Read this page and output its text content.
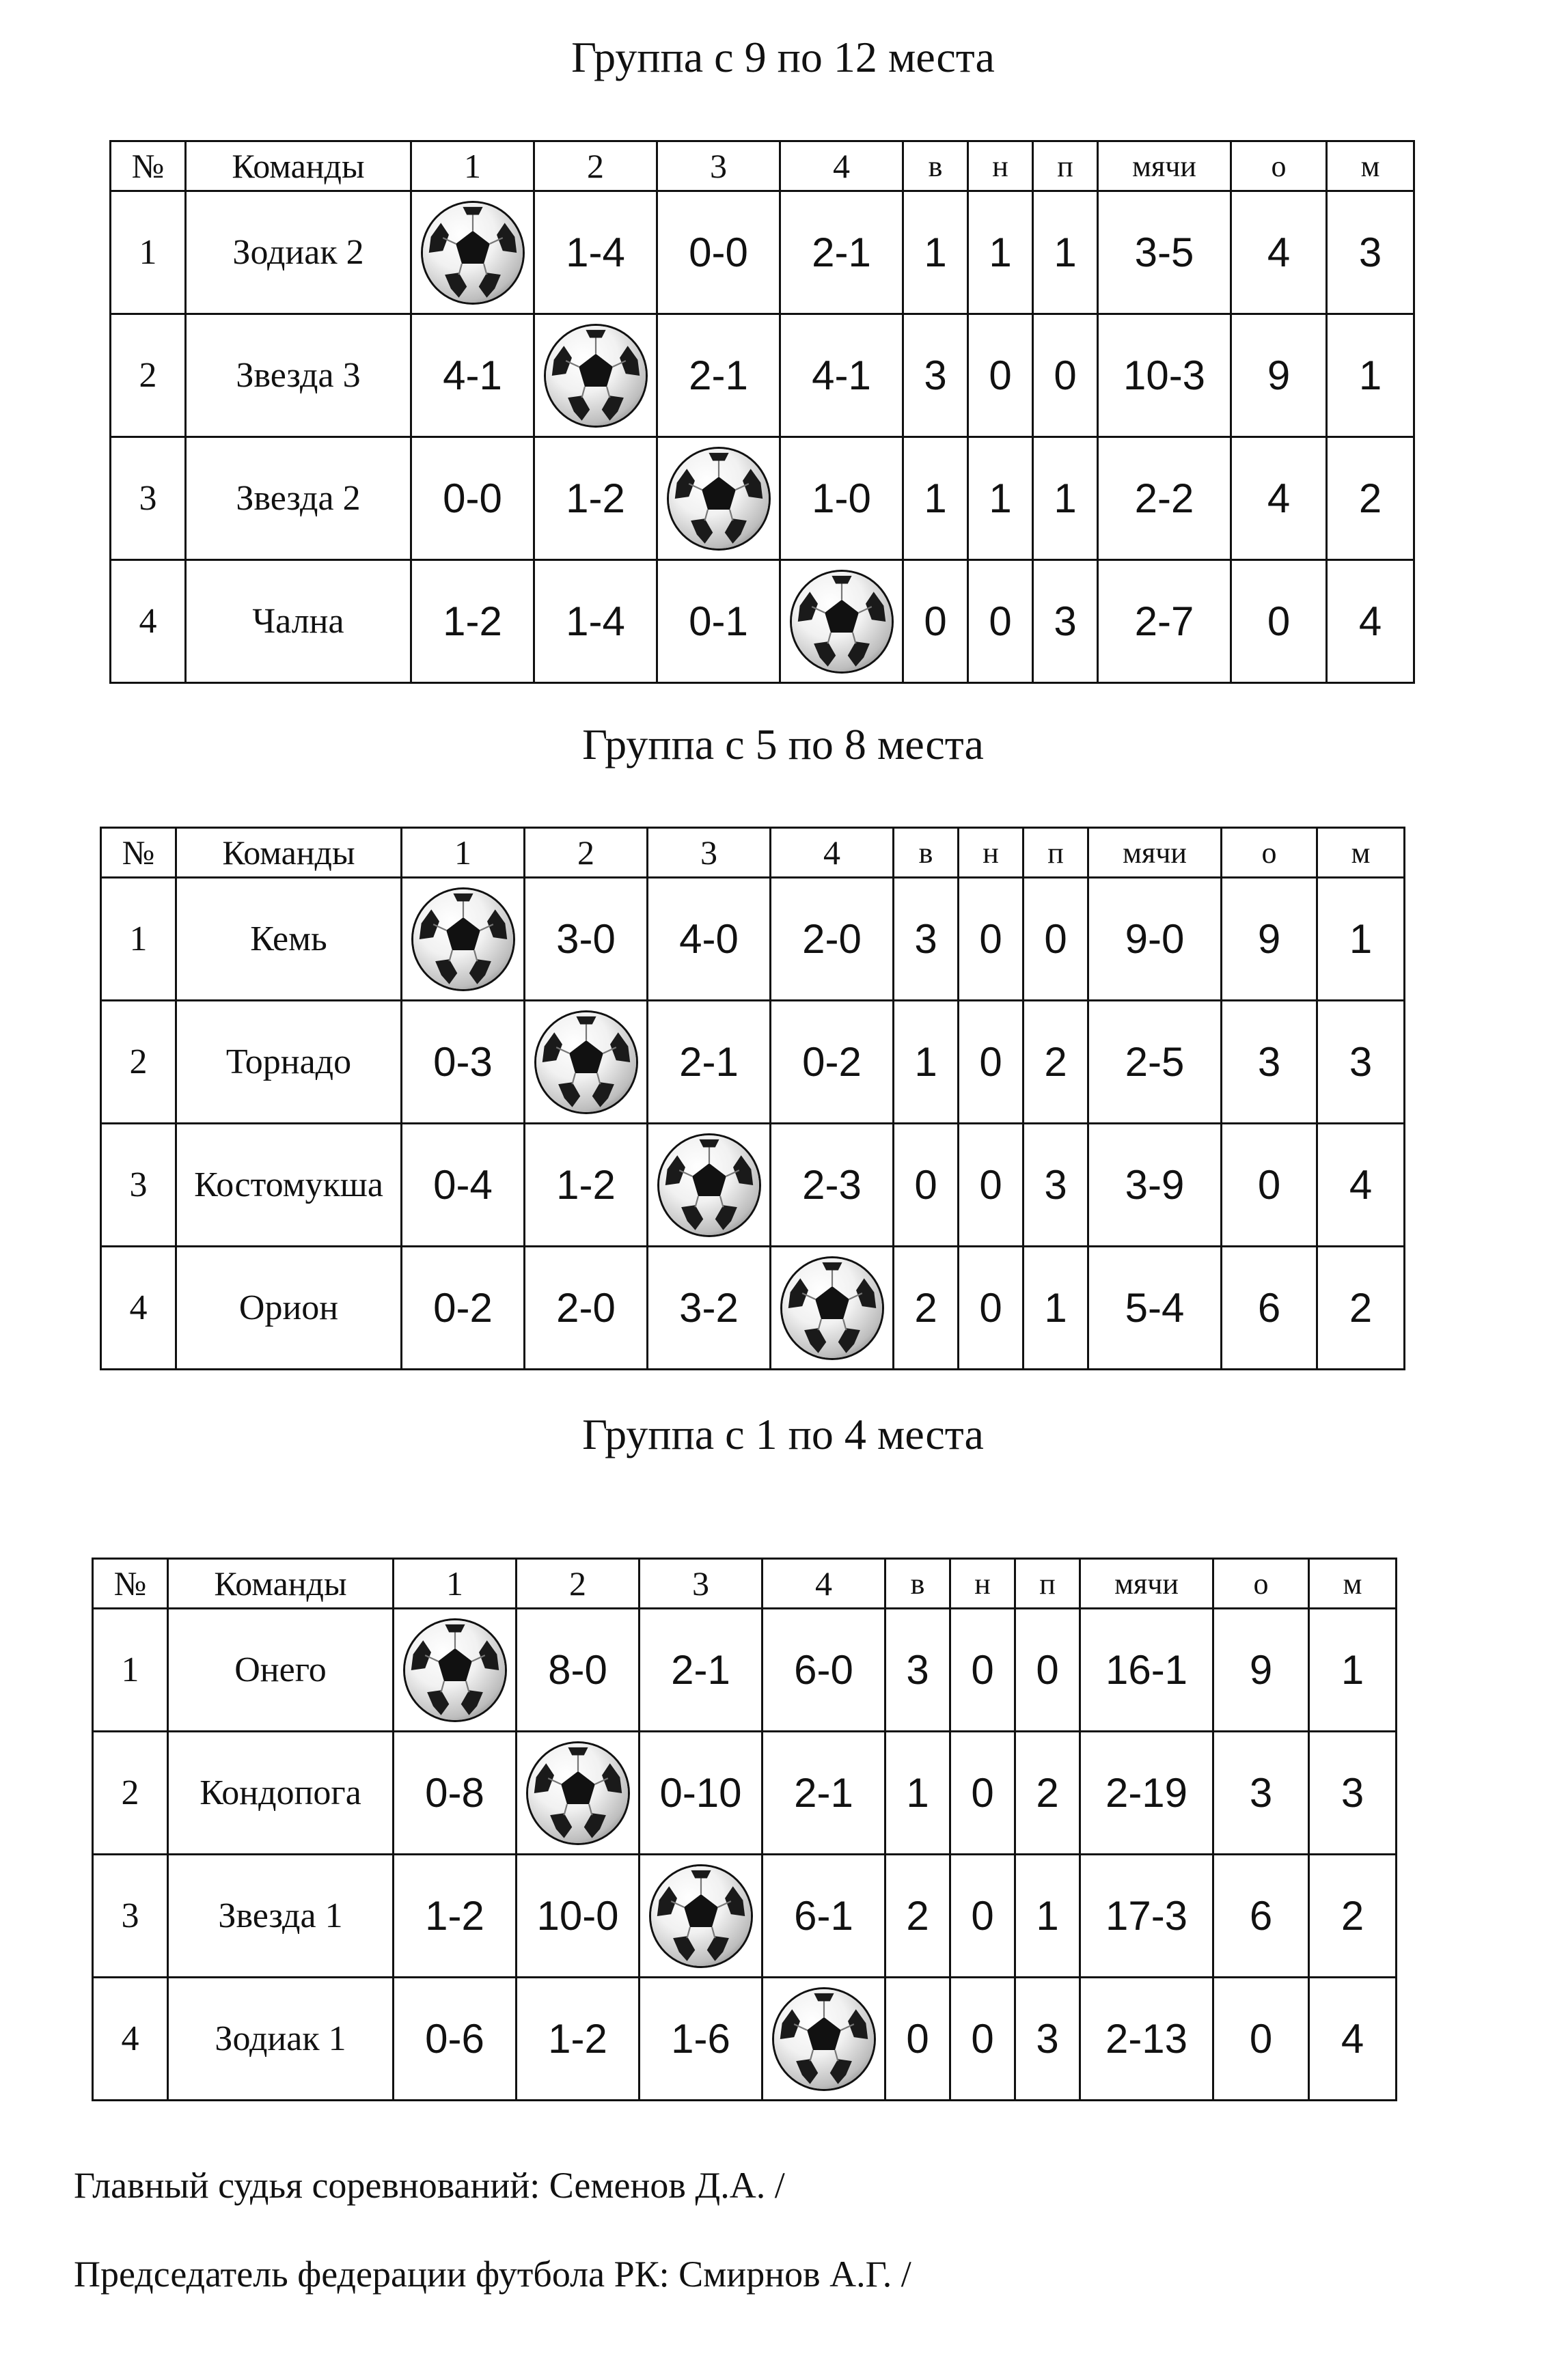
Группа с 9 по 12 места
№	Команды	1	2	3	4	в	н	п	мячи	о	м
1	Зодиак 2		1-4	0-0	2-1	1	1	1	3-5	4	3
2	Звезда 3	4-1		2-1	4-1	3	0	0	10-3	9	1
3	Звезда 2	0-0	1-2		1-0	1	1	1	2-2	4	2
4	Чална	1-2	1-4	0-1		0	0	3	2-7	0	4
Группа с 5 по 8 места
№	Команды	1	2	3	4	в	н	п	мячи	о	м
1	Кемь		3-0	4-0	2-0	3	0	0	9-0	9	1
2	Торнадо	0-3		2-1	0-2	1	0	2	2-5	3	3
3	Костомукша	0-4	1-2		2-3	0	0	3	3-9	0	4
4	Орион	0-2	2-0	3-2		2	0	1	5-4	6	2
Группа с 1 по 4 места
№	Команды	1	2	3	4	в	н	п	мячи	о	м
1	Онего		8-0	2-1	6-0	3	0	0	16-1	9	1
2	Кондопога	0-8		0-10	2-1	1	0	2	2-19	3	3
3	Звезда 1	1-2	10-0		6-1	2	0	1	17-3	6	2
4	Зодиак 1	0-6	1-2	1-6		0	0	3	2-13	0	4
Главный судья соревнований: Семенов Д.А. /
Председатель федерации футбола РК: Смирнов А.Г. /
